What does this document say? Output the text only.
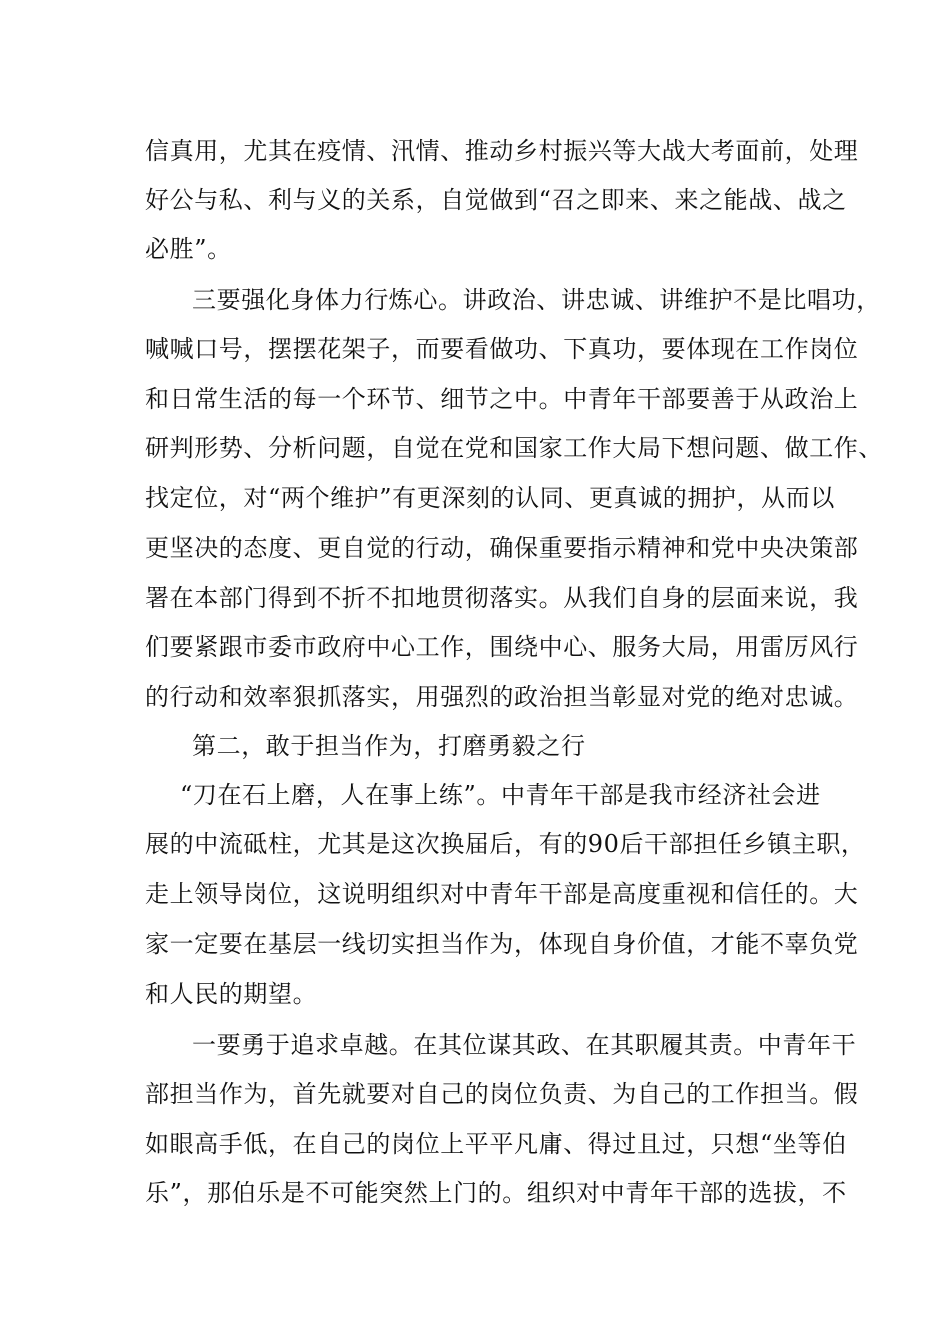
信真用，尤其在疫情、汛情、推动乡村振兴等大战大考面前，处理
好公与私、利与义的关系，自觉做到“召之即来、来之能战、战之
必胜”。
三要强化身体力行炼心。讲政治、讲忠诚、讲维护不是比唱功，
喊喊口号，摆摆花架子，而要看做功、下真功，要体现在工作岗位
和日常生活的每一个环节、细节之中。中青年干部要善于从政治上
研判形势、分析问题，自觉在党和国家工作大局下想问题、做工作、
找定位，对“两个维护”有更深刻的认同、更真诚的拥护，从而以
更坚决的态度、更自觉的行动，确保重要指示精神和党中央决策部
署在本部门得到不折不扣地贯彻落实。从我们自身的层面来说，我
们要紧跟市委市政府中心工作，围绕中心、服务大局，用雷厉风行
的行动和效率狠抓落实，用强烈的政治担当彰显对党的绝对忠诚。
第二，敢于担当作为，打磨勇毅之行
“刀在石上磨，人在事上练”。中青年干部是我市经济社会进
展的中流砥柱，尤其是这次换届后，有的90后干部担任乡镇主职，
走上领导岗位，这说明组织对中青年干部是高度重视和信任的。大
家一定要在基层一线切实担当作为，体现自身价值，才能不辜负党
和人民的期望。
一要勇于追求卓越。在其位谋其政、在其职履其责。中青年干
部担当作为，首先就要对自己的岗位负责、为自己的工作担当。假
如眼高手低，在自己的岗位上平平凡庸、得过且过，只想“坐等伯
乐”，那伯乐是不可能突然上门的。组织对中青年干部的选拔，不
